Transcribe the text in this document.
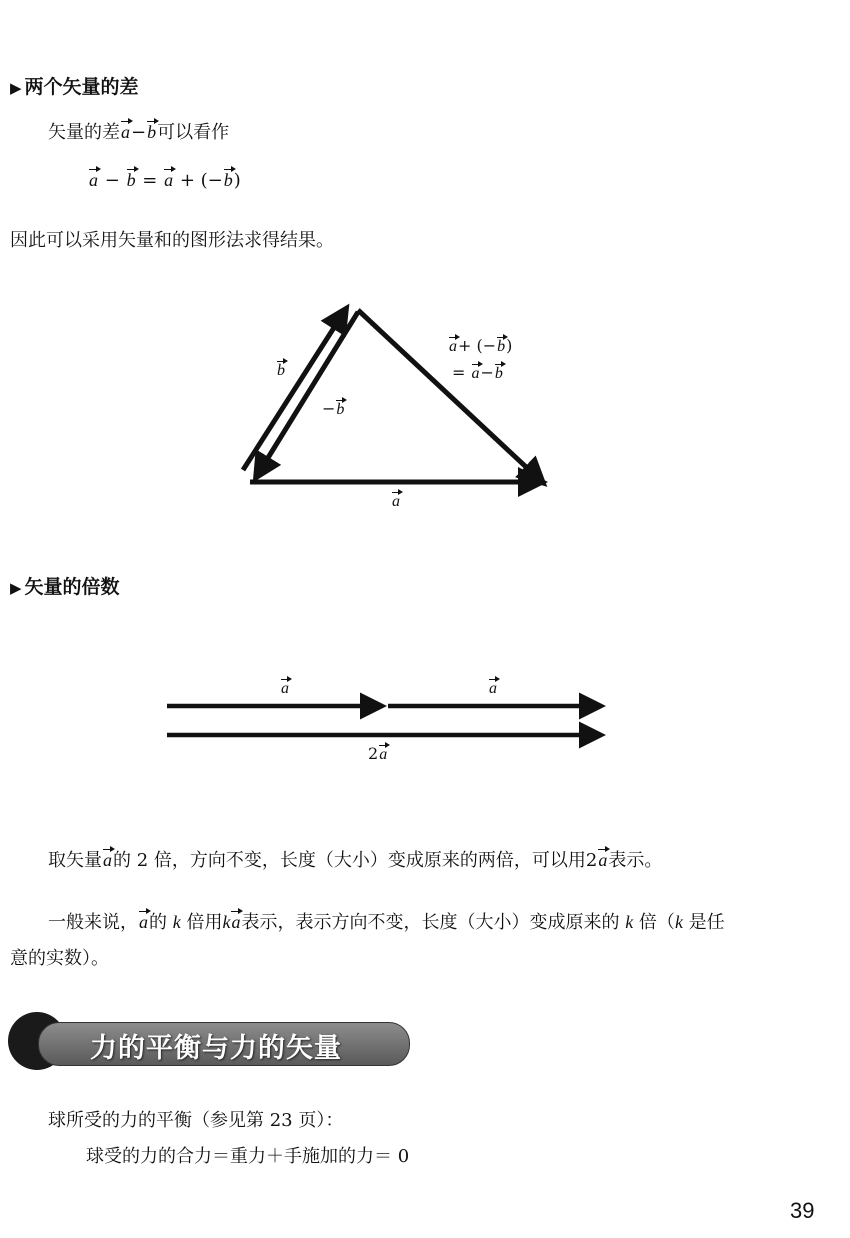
▶ 两个矢量的差
矢量的差a−b可以看作
a − b = a + (−b)
因此可以采用矢量和的图形法求得结果。
b
−b
a+ (−b)
= a−b
a
▶ 矢量的倍数
a	a
2a
取矢量a的 2 倍，方向不变，长度（大小）变成原来的两倍，可以用2a表示。
一般来说，a的 k 倍用ka表示，表示方向不变，长度（大小）变成原来的 k 倍（k 是任
意的实数）。
力的平衡与力的矢量
球所受的力的平衡（参见第 23 页）：
球受的力的合力＝重力＋手施加的力＝ 0
39
